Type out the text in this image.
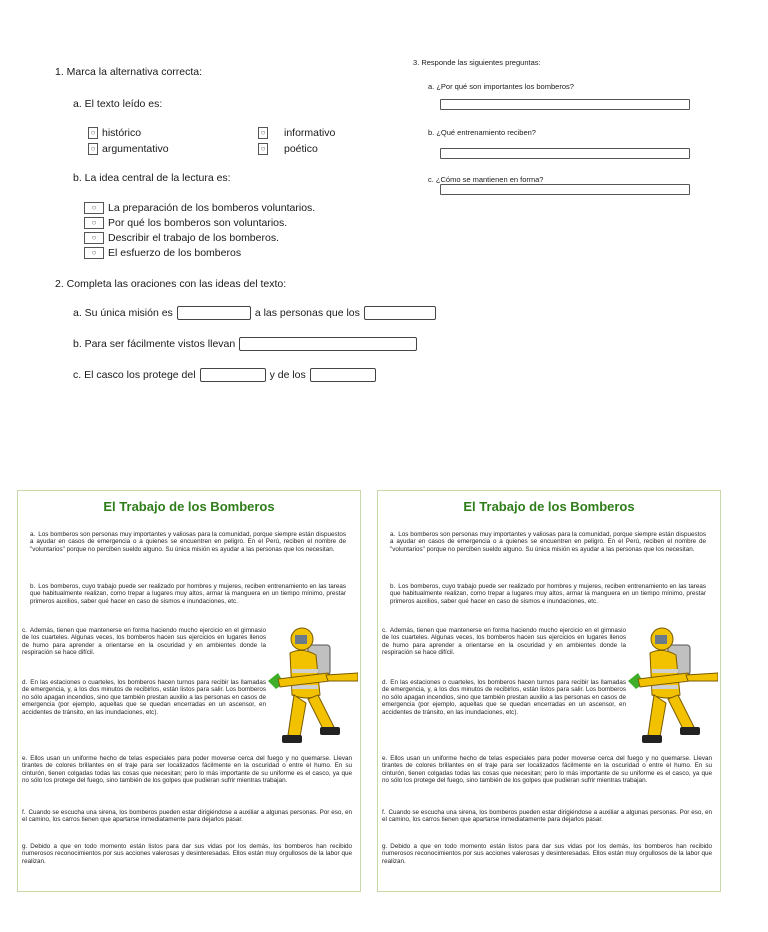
1. Marca la alternativa correcta:
a. El texto leído es:
○ histórico
○ argumentativo
○ informativo
○ poético
b. La idea central de la lectura es:
○	La preparación de los bomberos voluntarios.
○	Por qué los bomberos son voluntarios.
○	Describir el trabajo de los bomberos.
○	El esfuerzo de los bomberos
2. Completa las oraciones con las ideas del texto:
a. Su única misión es	a las personas que los
b. Para ser fácilmente vistos llevan
c. El casco los protege del	y de los
3. Responde las siguientes preguntas:
a. ¿Por qué son importantes los bomberos?
b. ¿Qué entrenamiento reciben?
c. ¿Cómo se mantienen en forma?
El Trabajo de los Bomberos
a. Los bomberos son personas muy importantes y valiosas para la comunidad, porque siempre están dispuestos a ayudar en casos de emergencia o a quienes se encuentren en peligro. En el Perú, reciben el nombre de "voluntarios" porque no perciben sueldo alguno. Su única misión es ayudar a las personas que los necesitan.
b. Los bomberos, cuyo trabajo puede ser realizado por hombres y mujeres, reciben entrenamiento en las tareas que habitualmente realizan, como trepar a lugares muy altos, armar la manguera en un tiempo mínimo, prestar primeros auxilios, saber qué hacer en caso de sismos e inundaciones, etc.
c. Además, tienen que mantenerse en forma haciendo mucho ejercicio en el gimnasio de los cuarteles. Algunas veces, los bomberos hacen sus ejercicios en lugares llenos de humo para aprender a orientarse en la oscuridad y en ambientes donde la respiración se hace difícil.
d. En las estaciones o cuarteles, los bomberos hacen turnos para recibir las llamadas de emergencia, y, a los dos minutos de recibirlos, están listos para salir. Los bomberos no sólo apagan incendios, sino que también prestan auxilio a las personas en casos de emergencia (por ejemplo, aquellas que se quedan encerradas en un ascensor, en accidentes de tránsito, en las inundaciones, etc).
e. Ellos usan un uniforme hecho de telas especiales para poder moverse cerca del fuego y no quemarse. Llevan tirantes de colores brillantes en el traje para ser localizados fácilmente en la oscuridad o entre el humo. En su cinturón, tienen colgadas todas las cosas que necesitan; pero lo más importante de su uniforme es el casco, ya que no sólo los protege del fuego, sino también de los golpes que pudieran sufrir mientras trabajan.
f. Cuando se escucha una sirena, los bomberos pueden estar dirigiéndose a auxiliar a algunas personas. Por eso, en el camino, los carros tienen que apartarse inmediatamente para dejarlos pasar.
g. Debido a que en todo momento están listos para dar sus vidas por los demás, los bomberos han recibido numerosos reconocimientos por sus acciones valerosas y desinteresadas. Ellos están muy orgullosos de la labor que realizan.
El Trabajo de los Bomberos
a. Los bomberos son personas muy importantes y valiosas para la comunidad, porque siempre están dispuestos a ayudar en casos de emergencia o a quienes se encuentren en peligro. En el Perú, reciben el nombre de "voluntarios" porque no perciben sueldo alguno. Su única misión es ayudar a las personas que los necesitan.
b. Los bomberos, cuyo trabajo puede ser realizado por hombres y mujeres, reciben entrenamiento en las tareas que habitualmente realizan, como trepar a lugares muy altos, armar la manguera en un tiempo mínimo, prestar primeros auxilios, saber qué hacer en caso de sismos e inundaciones, etc.
c. Además, tienen que mantenerse en forma haciendo mucho ejercicio en el gimnasio de los cuarteles. Algunas veces, los bomberos hacen sus ejercicios en lugares llenos de humo para aprender a orientarse en la oscuridad y en ambientes donde la respiración se hace difícil.
d. En las estaciones o cuarteles, los bomberos hacen turnos para recibir las llamadas de emergencia, y, a los dos minutos de recibirlos, están listos para salir. Los bomberos no sólo apagan incendios, sino que también prestan auxilio a las personas en casos de emergencia (por ejemplo, aquellas que se quedan encerradas en un ascensor, en accidentes de tránsito, en las inundaciones, etc).
e. Ellos usan un uniforme hecho de telas especiales para poder moverse cerca del fuego y no quemarse. Llevan tirantes de colores brillantes en el traje para ser localizados fácilmente en la oscuridad o entre el humo. En su cinturón, tienen colgadas todas las cosas que necesitan; pero lo más importante de su uniforme es el casco, ya que no sólo los protege del fuego, sino también de los golpes que pudieran sufrir mientras trabajan.
f. Cuando se escucha una sirena, los bomberos pueden estar dirigiéndose a auxiliar a algunas personas. Por eso, en el camino, los carros tienen que apartarse inmediatamente para dejarlos pasar.
g. Debido a que en todo momento están listos para dar sus vidas por los demás, los bomberos han recibido numerosos reconocimientos por sus acciones valerosas y desinteresadas. Ellos están muy orgullosos de la labor que realizan.
